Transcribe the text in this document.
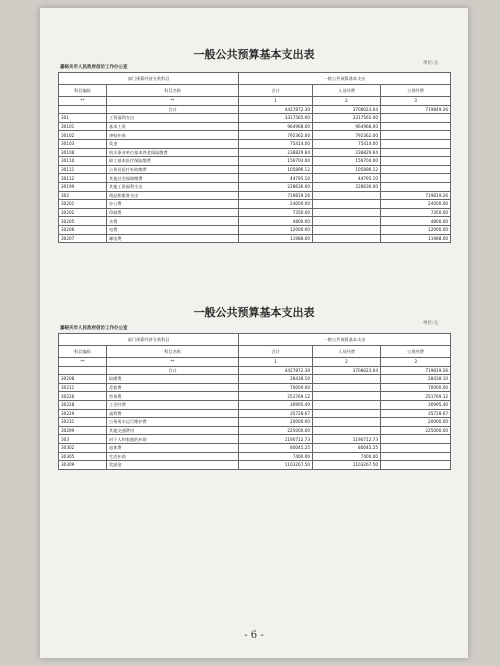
一般公共预算基本支出表
单位:元
嘉峪关市人民政府信访工作办公室
部门预算经济分类科目		一般公共预算基本支出		
科目编码	科目名称	合计	人员经费	公用经费
**	**	1	2	3
	合计	4427872.30	3708023.04	719849.26
301	工资福利支出	3317565.00	3317565.00	
30101	基本工资	964968.00	964968.00	
30102	津贴补贴	792362.00	792362.00	
30103	奖金	75414.00	75414.00	
30108	机关事业单位基本养老保险缴费	238829.64	238829.64	
30110	职工基本医疗保险缴费	156704.00	156704.00	
30111	公务员医疗补助缴费	105896.12	105896.12	
30112	其他社会保障缴费	44795.10	44795.10	
30199	其他工资福利支出	228636.00	228636.00	
302	商品和服务支出	719819.26		719819.26
30201	办公费	24000.00		24000.00
30202	印刷费	7350.00		7350.00
30205	水费	4800.00		4800.00
30206	电费	12000.00		12000.00
30207	邮电费	11988.00		11988.00
一般公共预算基本支出表
单位:元
嘉峪关市人民政府信访工作办公室
部门预算经济分类科目		一般公共预算基本支出		
科目编码	科目名称	合计	人员经费	公用经费
**	**	1	2	3
	合计	4427872.30	3708023.04	719819.26
30208	取暖费	28438.10		28438.10
30211	差旅费	70000.00		70000.00
30226	劳务费	251769.12		251769.12
30228	工会经费	30995.40		30995.40
30229	福利费	35728.67		35728.67
30231	公务用车运行维护费	20000.00		20000.00
30299	其他交通费用	225000.00		225000.00
303	对个人和家庭的补助	1190712.73	1190712.73	
30302	退休费	80045.25	80045.25	
30305	生活补助	7400.00	7400.00	
30309	奖励金	1103267.50	1103267.50	
- 6 -
